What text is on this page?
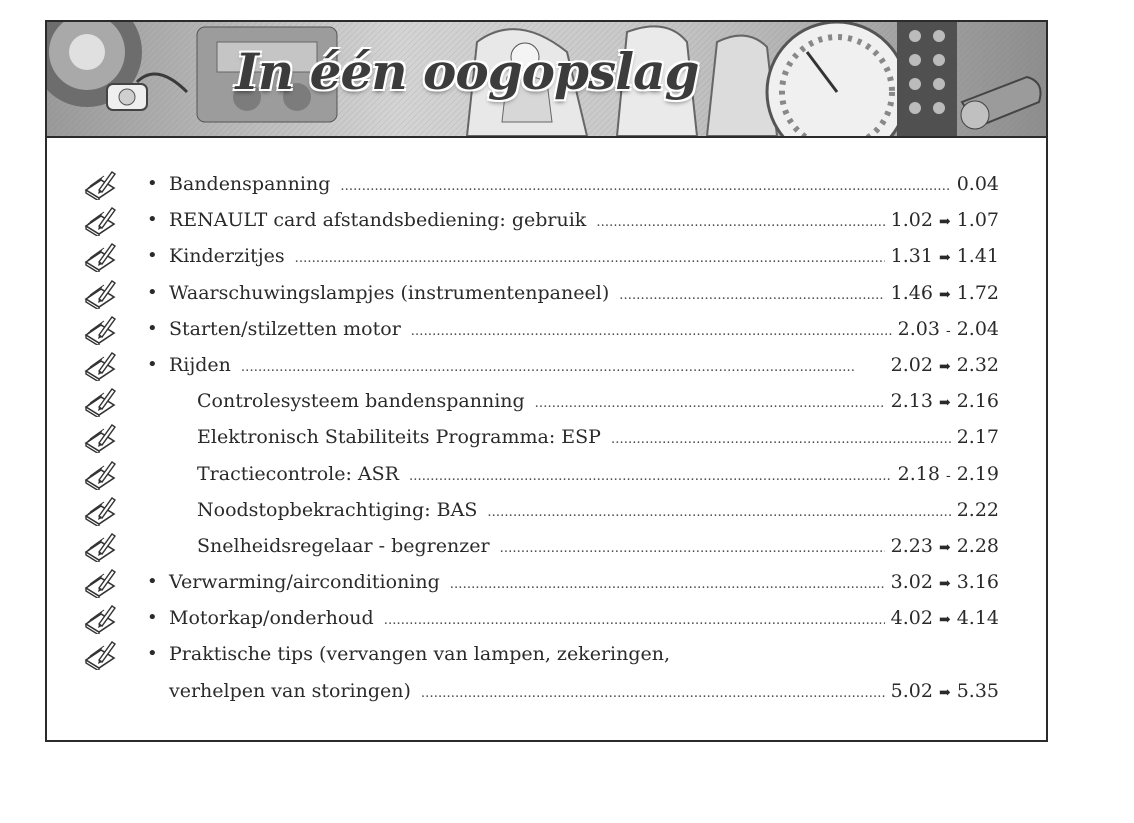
In één oogopslag
• Bandenspanning . . .	0.04
• RENAULT card afstandsbediening: gebruik . . .	1.02 ➡ 1.07
• Kinderzitjes . . .	1.31 ➡ 1.41
• Waarschuwingslampjes (instrumentenpaneel) . . .	1.46 ➡ 1.72
• Starten/stilzetten motor . . .	2.03 - 2.04
• Rijden . . .	2.02 ➡ 2.32
Controlesysteem bandenspanning . . .	2.13 ➡ 2.16
Elektronisch Stabiliteits Programma: ESP . . .	2.17
Tractiecontrole: ASR . . .	2.18 - 2.19
Noodstopbekrachtiging: BAS . . .	2.22
Snelheidsregelaar - begrenzer . . .	2.23 ➡ 2.28
• Verwarming/airconditioning . . .	3.02 ➡ 3.16
• Motorkap/onderhoud . . .	4.02 ➡ 4.14
• Praktische tips (vervangen van lampen, zekeringen,
verhelpen van storingen) . . .	5.02 ➡ 5.35
